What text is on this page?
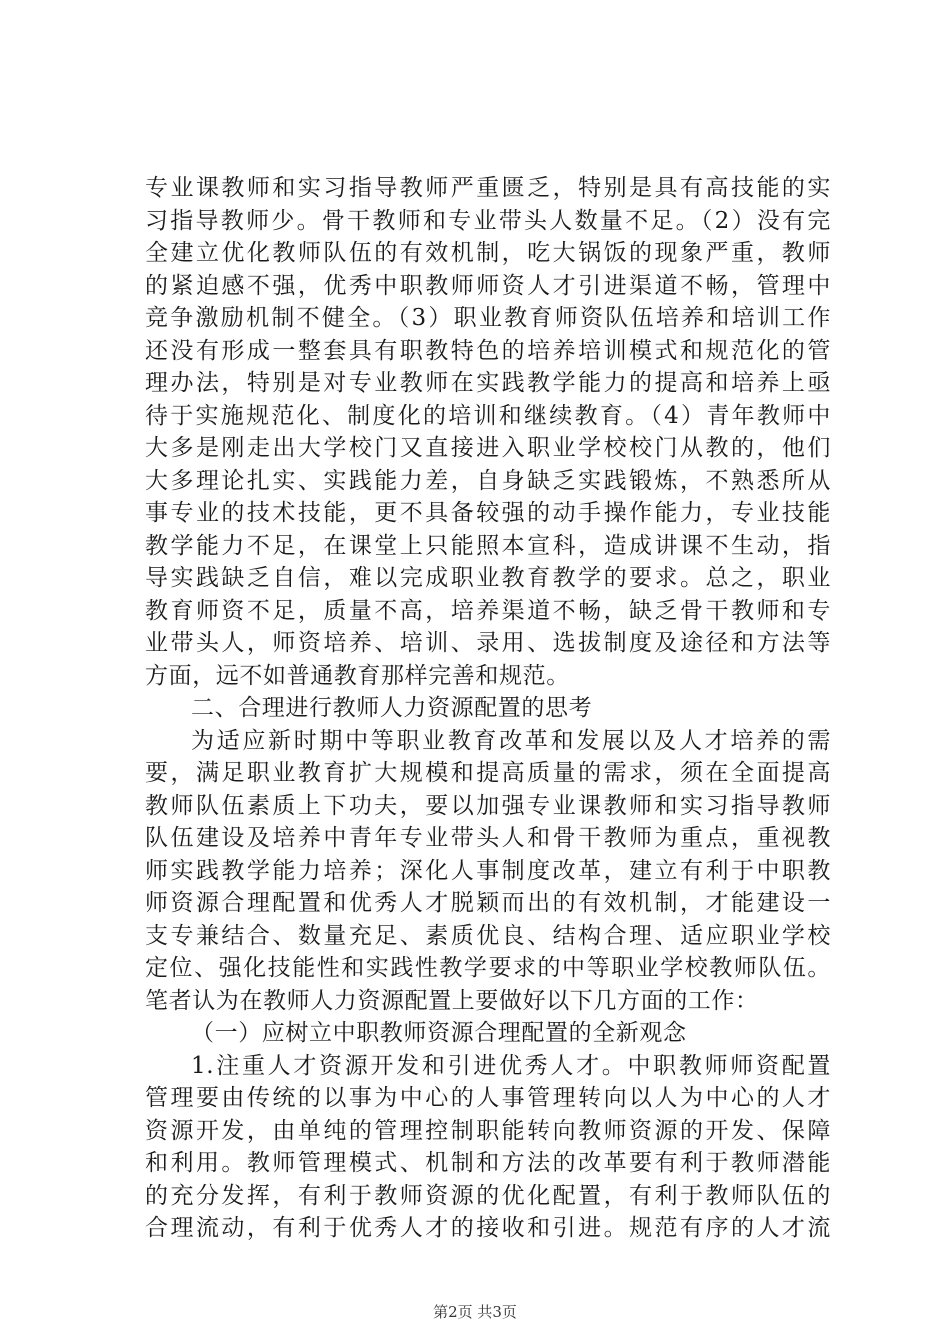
专业课教师和实习指导教师严重匮乏，特别是具有高技能的实
习指导教师少。骨干教师和专业带头人数量不足。（2）没有完
全建立优化教师队伍的有效机制，吃大锅饭的现象严重，教师
的紧迫感不强，优秀中职教师师资人才引进渠道不畅，管理中
竞争激励机制不健全。（3）职业教育师资队伍培养和培训工作
还没有形成一整套具有职教特色的培养培训模式和规范化的管
理办法，特别是对专业教师在实践教学能力的提高和培养上亟
待于实施规范化、制度化的培训和继续教育。（4）青年教师中
大多是刚走出大学校门又直接进入职业学校校门从教的，他们
大多理论扎实、实践能力差，自身缺乏实践锻炼，不熟悉所从
事专业的技术技能，更不具备较强的动手操作能力，专业技能
教学能力不足，在课堂上只能照本宣科，造成讲课不生动，指
导实践缺乏自信，难以完成职业教育教学的要求。总之，职业
教育师资不足，质量不高，培养渠道不畅，缺乏骨干教师和专
业带头人，师资培养、培训、录用、选拔制度及途径和方法等
方面，远不如普通教育那样完善和规范。
二、合理进行教师人力资源配置的思考
为适应新时期中等职业教育改革和发展以及人才培养的需
要，满足职业教育扩大规模和提高质量的需求，须在全面提高
教师队伍素质上下功夫，要以加强专业课教师和实习指导教师
队伍建设及培养中青年专业带头人和骨干教师为重点，重视教
师实践教学能力培养；深化人事制度改革，建立有利于中职教
师资源合理配置和优秀人才脱颖而出的有效机制，才能建设一
支专兼结合、数量充足、素质优良、结构合理、适应职业学校
定位、强化技能性和实践性教学要求的中等职业学校教师队伍。
笔者认为在教师人力资源配置上要做好以下几方面的工作：
（一）应树立中职教师资源合理配置的全新观念
1.注重人才资源开发和引进优秀人才。中职教师师资配置
管理要由传统的以事为中心的人事管理转向以人为中心的人才
资源开发，由单纯的管理控制职能转向教师资源的开发、保障
和利用。教师管理模式、机制和方法的改革要有利于教师潜能
的充分发挥，有利于教师资源的优化配置，有利于教师队伍的
合理流动，有利于优秀人才的接收和引进。规范有序的人才流
第2页 共3页
